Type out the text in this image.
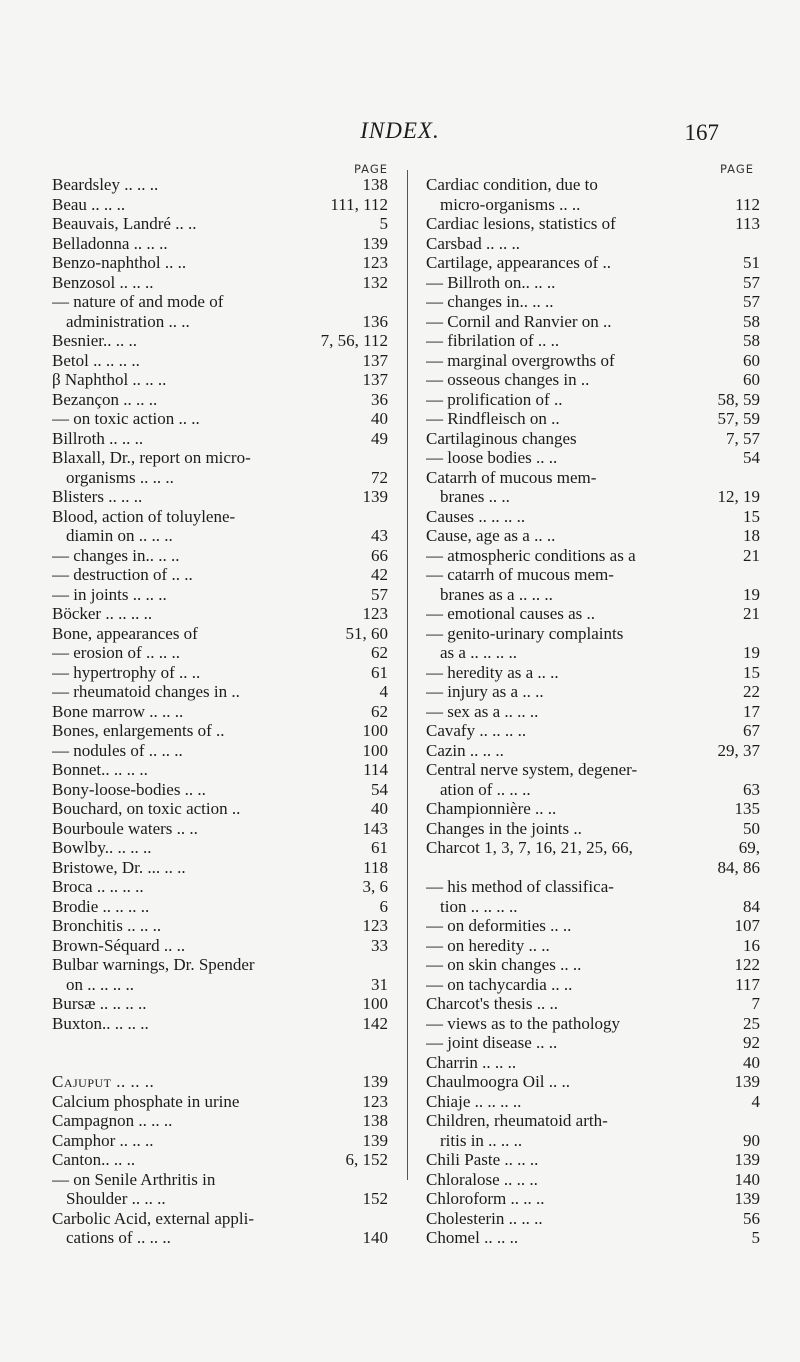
INDEX.	167
PAGE
Beardsley .. .. ..	138
Beau .. .. ..	111, 112
Beauvais, Landré .. ..	5
Belladonna .. .. ..	139
Benzo-naphthol .. ..	123
Benzosol .. .. ..	132
— nature of and mode of
administration .. ..	136
Besnier.. .. ..	7, 56, 112
Betol .. .. .. ..	137
β Naphthol .. .. ..	137
Bezançon .. .. ..	36
— on toxic action .. ..	40
Billroth .. .. ..	49
Blaxall, Dr., report on micro-
organisms .. .. ..	72
Blisters .. .. ..	139
Blood, action of toluylene-
diamin on .. .. ..	43
— changes in.. .. ..	66
— destruction of .. ..	42
— in joints .. .. ..	57
Böcker .. .. .. ..	123
Bone, appearances of	51, 60
— erosion of .. .. ..	62
— hypertrophy of .. ..	61
— rheumatoid changes in ..	4
Bone marrow .. .. ..	62
Bones, enlargements of ..	100
— nodules of .. .. ..	100
Bonnet.. .. .. ..	114
Bony-loose-bodies .. ..	54
Bouchard, on toxic action ..	40
Bourboule waters .. ..	143
Bowlby.. .. .. ..	61
Bristowe, Dr. ... .. ..	118
Broca .. .. .. ..	3, 6
Brodie .. .. .. ..	6
Bronchitis .. .. ..	123
Brown-Séquard .. ..	33
Bulbar warnings, Dr. Spender
on .. .. .. ..	31
Bursæ .. .. .. ..	100
Buxton.. .. .. ..	142
Cajuput .. .. ..	139
Calcium phosphate in urine	123
Campagnon .. .. ..	138
Camphor .. .. ..	139
Canton.. .. ..	6, 152
— on Senile Arthritis in
Shoulder .. .. ..	152
Carbolic Acid, external appli-
cations of .. .. ..	140
PAGE
Cardiac condition, due to
micro-organisms .. ..	112
Cardiac lesions, statistics of	113
Carsbad .. .. ..
Cartilage, appearances of ..	51
— Billroth on.. .. ..	57
— changes in.. .. ..	57
— Cornil and Ranvier on ..	58
— fibrilation of .. ..	58
— marginal overgrowths of	60
— osseous changes in ..	60
— prolification of ..	58, 59
— Rindfleisch on ..	57, 59
Cartilaginous changes	7, 57
— loose bodies .. ..	54
Catarrh of mucous mem-
branes .. ..	12, 19
Causes .. .. .. ..	15
Cause, age as a .. ..	18
— atmospheric conditions as a	21
— catarrh of mucous mem-
branes as a .. .. ..	19
— emotional causes as ..	21
— genito-urinary complaints
as a .. .. .. ..	19
— heredity as a .. ..	15
— injury as a .. ..	22
— sex as a .. .. ..	17
Cavafy .. .. .. ..	67
Cazin .. .. ..	29, 37
Central nerve system, degener-
ation of .. .. ..	63
Championnière .. ..	135
Changes in the joints ..	50
Charcot 1, 3, 7, 16, 21, 25, 66,	69,
84, 86
— his method of classifica-
tion .. .. .. ..	84
— on deformities .. ..	107
— on heredity .. ..	16
— on skin changes .. ..	122
— on tachycardia .. ..	117
Charcot's thesis .. ..	7
— views as to the pathology	25
— joint disease .. ..	92
Charrin .. .. ..	40
Chaulmoogra Oil .. ..	139
Chiaje .. .. .. ..	4
Children, rheumatoid arth-
ritis in .. .. ..	90
Chili Paste .. .. ..	139
Chloralose .. .. ..	140
Chloroform .. .. ..	139
Cholesterin .. .. ..	56
Chomel .. .. ..	5
